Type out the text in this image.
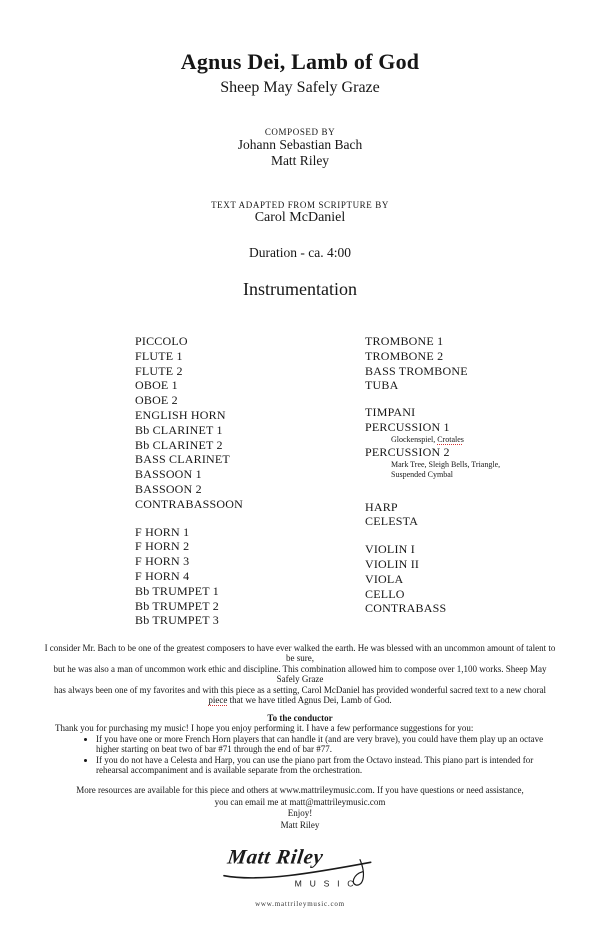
Agnus Dei, Lamb of God
Sheep May Safely Graze
COMPOSED BY
Johann Sebastian Bach
Matt Riley
TEXT ADAPTED FROM SCRIPTURE BY
Carol McDaniel
Duration - ca. 4:00
Instrumentation
PICCOLO
FLUTE 1
FLUTE 2
OBOE 1
OBOE 2
ENGLISH HORN
Bb CLARINET 1
Bb CLARINET 2
BASS CLARINET
BASSOON 1
BASSOON 2
CONTRABASSOON
F HORN 1
F HORN 2
F HORN 3
F HORN 4
Bb TRUMPET 1
Bb TRUMPET 2
Bb TRUMPET 3
TROMBONE 1
TROMBONE 2
BASS TROMBONE
TUBA
TIMPANI
PERCUSSION 1
Glockenspiel, Crotales
PERCUSSION 2
Mark Tree, Sleigh Bells, Triangle,
Suspended Cymbal
HARP
CELESTA
VIOLIN I
VIOLIN II
VIOLA
CELLO
CONTRABASS
I consider Mr. Bach to be one of the greatest composers to have ever walked the earth. He was blessed with an uncommon amount of talent to be sure,
but he was also a man of uncommon work ethic and discipline. This combination allowed him to compose over 1,100 works. Sheep May Safely Graze
has always been one of my favorites and with this piece as a setting, Carol McDaniel has provided wonderful sacred text to a new choral
piece that we have titled Agnus Dei, Lamb of God.
To the conductor
Thank you for purchasing my music! I hope you enjoy performing it. I have a few performance suggestions for you:
• If you have one or more French Horn players that can handle it (and are very brave), you could have them play up an octave higher starting on beat two of bar #71 through the end of bar #77.
• If you do not have a Celesta and Harp, you can use the piano part from the Octavo instead. This piano part is intended for rehearsal accompaniment and is available separate from the orchestration.
More resources are available for this piece and others at www.mattrileymusic.com. If you have questions or need assistance,
you can email me at matt@mattrileymusic.com
Enjoy!
Matt Riley
Matt Riley
M U S I C
www.mattrileymusic.com
